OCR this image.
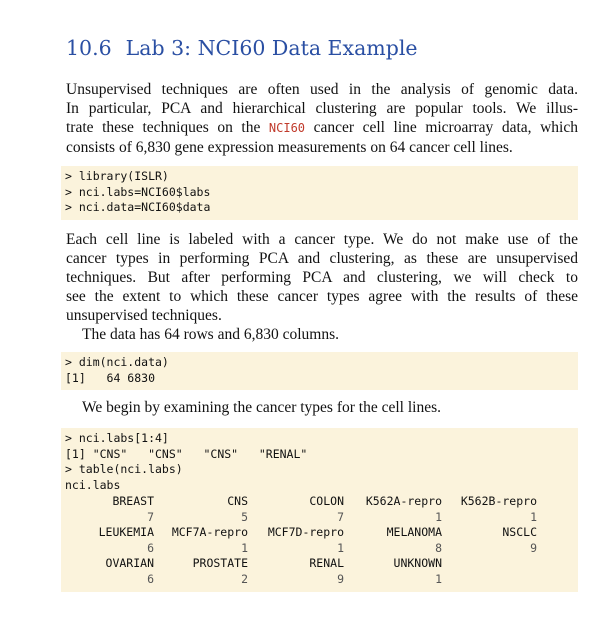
10.6 Lab 3: NCI60 Data Example
Unsupervised techniques are often used in the analysis of genomic data.
In particular, PCA and hierarchical clustering are popular tools. We illus-
trate these techniques on the NCI60 cancer cell line microarray data, which
consists of 6,830 gene expression measurements on 64 cancer cell lines.
> library(ISLR)
> nci.labs=NCI60$labs
> nci.data=NCI60$data
Each cell line is labeled with a cancer type. We do not make use of the
cancer types in performing PCA and clustering, as these are unsupervised
techniques. But after performing PCA and clustering, we will check to
see the extent to which these cancer types agree with the results of these
unsupervised techniques.
The data has 64 rows and 6,830 columns.
> dim(nci.data)
[1]   64 6830
We begin by examining the cancer types for the cell lines.
> nci.labs[1:4]
[1] "CNS"   "CNS"   "CNS"   "RENAL"
> table(nci.labs)
nci.labs
BREAST	CNS	COLON	K562A-repro	K562B-repro
7	5	7	1	1
LEUKEMIA	MCF7A-repro	MCF7D-repro	MELANOMA	NSCLC
6	1	1	8	9
OVARIAN	PROSTATE	RENAL	UNKNOWN
6	2	9	1
